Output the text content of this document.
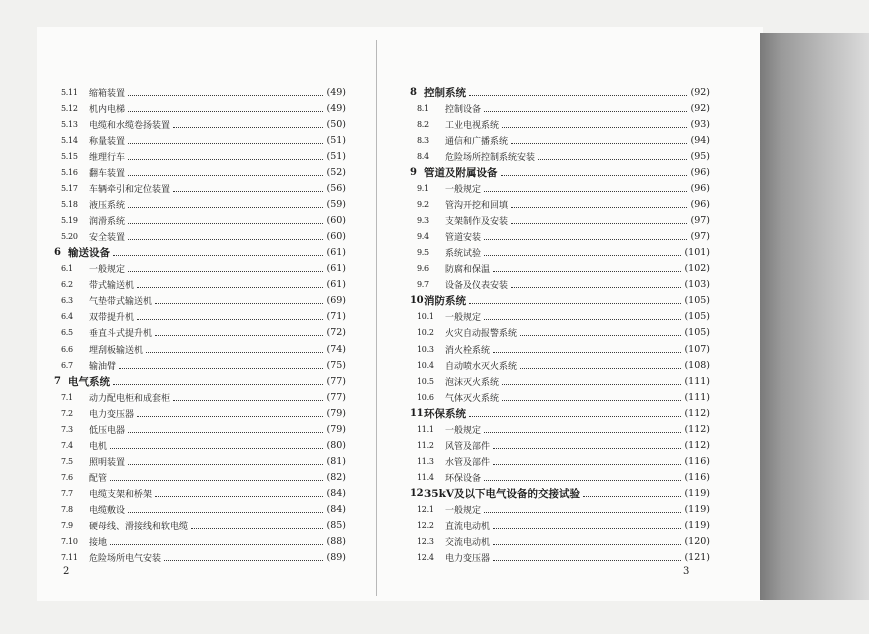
5.11	缩箱装置	(49)
5.12	机内电梯	(49)
5.13	电缆和水缆卷扬装置	(50)
5.14	称量装置	(51)
5.15	维理行车	(51)
5.16	翻车装置	(52)
5.17	车辆牵引和定位装置	(56)
5.18	液压系统	(59)
5.19	润滑系统	(60)
5.20	安全装置	(60)
6 输送设备	(61)
6.1	一般规定	(61)
6.2	带式输送机	(61)
6.3	气垫带式输送机	(69)
6.4	双带提升机	(71)
6.5	垂直斗式提升机	(72)
6.6	埋刮板输送机	(74)
6.7	输油臂	(75)
7 电气系统	(77)
7.1	动力配电柜和成套柜	(77)
7.2	电力变压器	(79)
7.3	低压电器	(79)
7.4	电机	(80)
7.5	照明装置	(81)
7.6	配管	(82)
7.7	电缆支架和桥架	(84)
7.8	电缆敷设	(84)
7.9	硬母线、滑接线和软电缆	(85)
7.10	接地	(88)
7.11	危险场所电气安装	(89)
8 控制系统	(92)
8.1	控制设备	(92)
8.2	工业电视系统	(93)
8.3	通信和广播系统	(94)
8.4	危险场所控制系统安装	(95)
9 管道及附属设备	(96)
9.1	一般规定	(96)
9.2	管沟开挖和回填	(96)
9.3	支架制作及安装	(97)
9.4	管道安装	(97)
9.5	系统试验	(101)
9.6	防腐和保温	(102)
9.7	设备及仪表安装	(103)
10 消防系统	(105)
10.1	一般规定	(105)
10.2	火灾自动报警系统	(105)
10.3	消火栓系统	(107)
10.4	自动喷水灭火系统	(108)
10.5	泡沫灭火系统	(111)
10.6	气体灭火系统	(111)
11 环保系统	(112)
11.1	一般规定	(112)
11.2	风管及部件	(112)
11.3	水管及部件	(116)
11.4	环保设备	(116)
12 35kV及以下电气设备的交接试验	(119)
12.1	一般规定	(119)
12.2	直流电动机	(119)
12.3	交流电动机	(120)
12.4	电力变压器	(121)
2	3
